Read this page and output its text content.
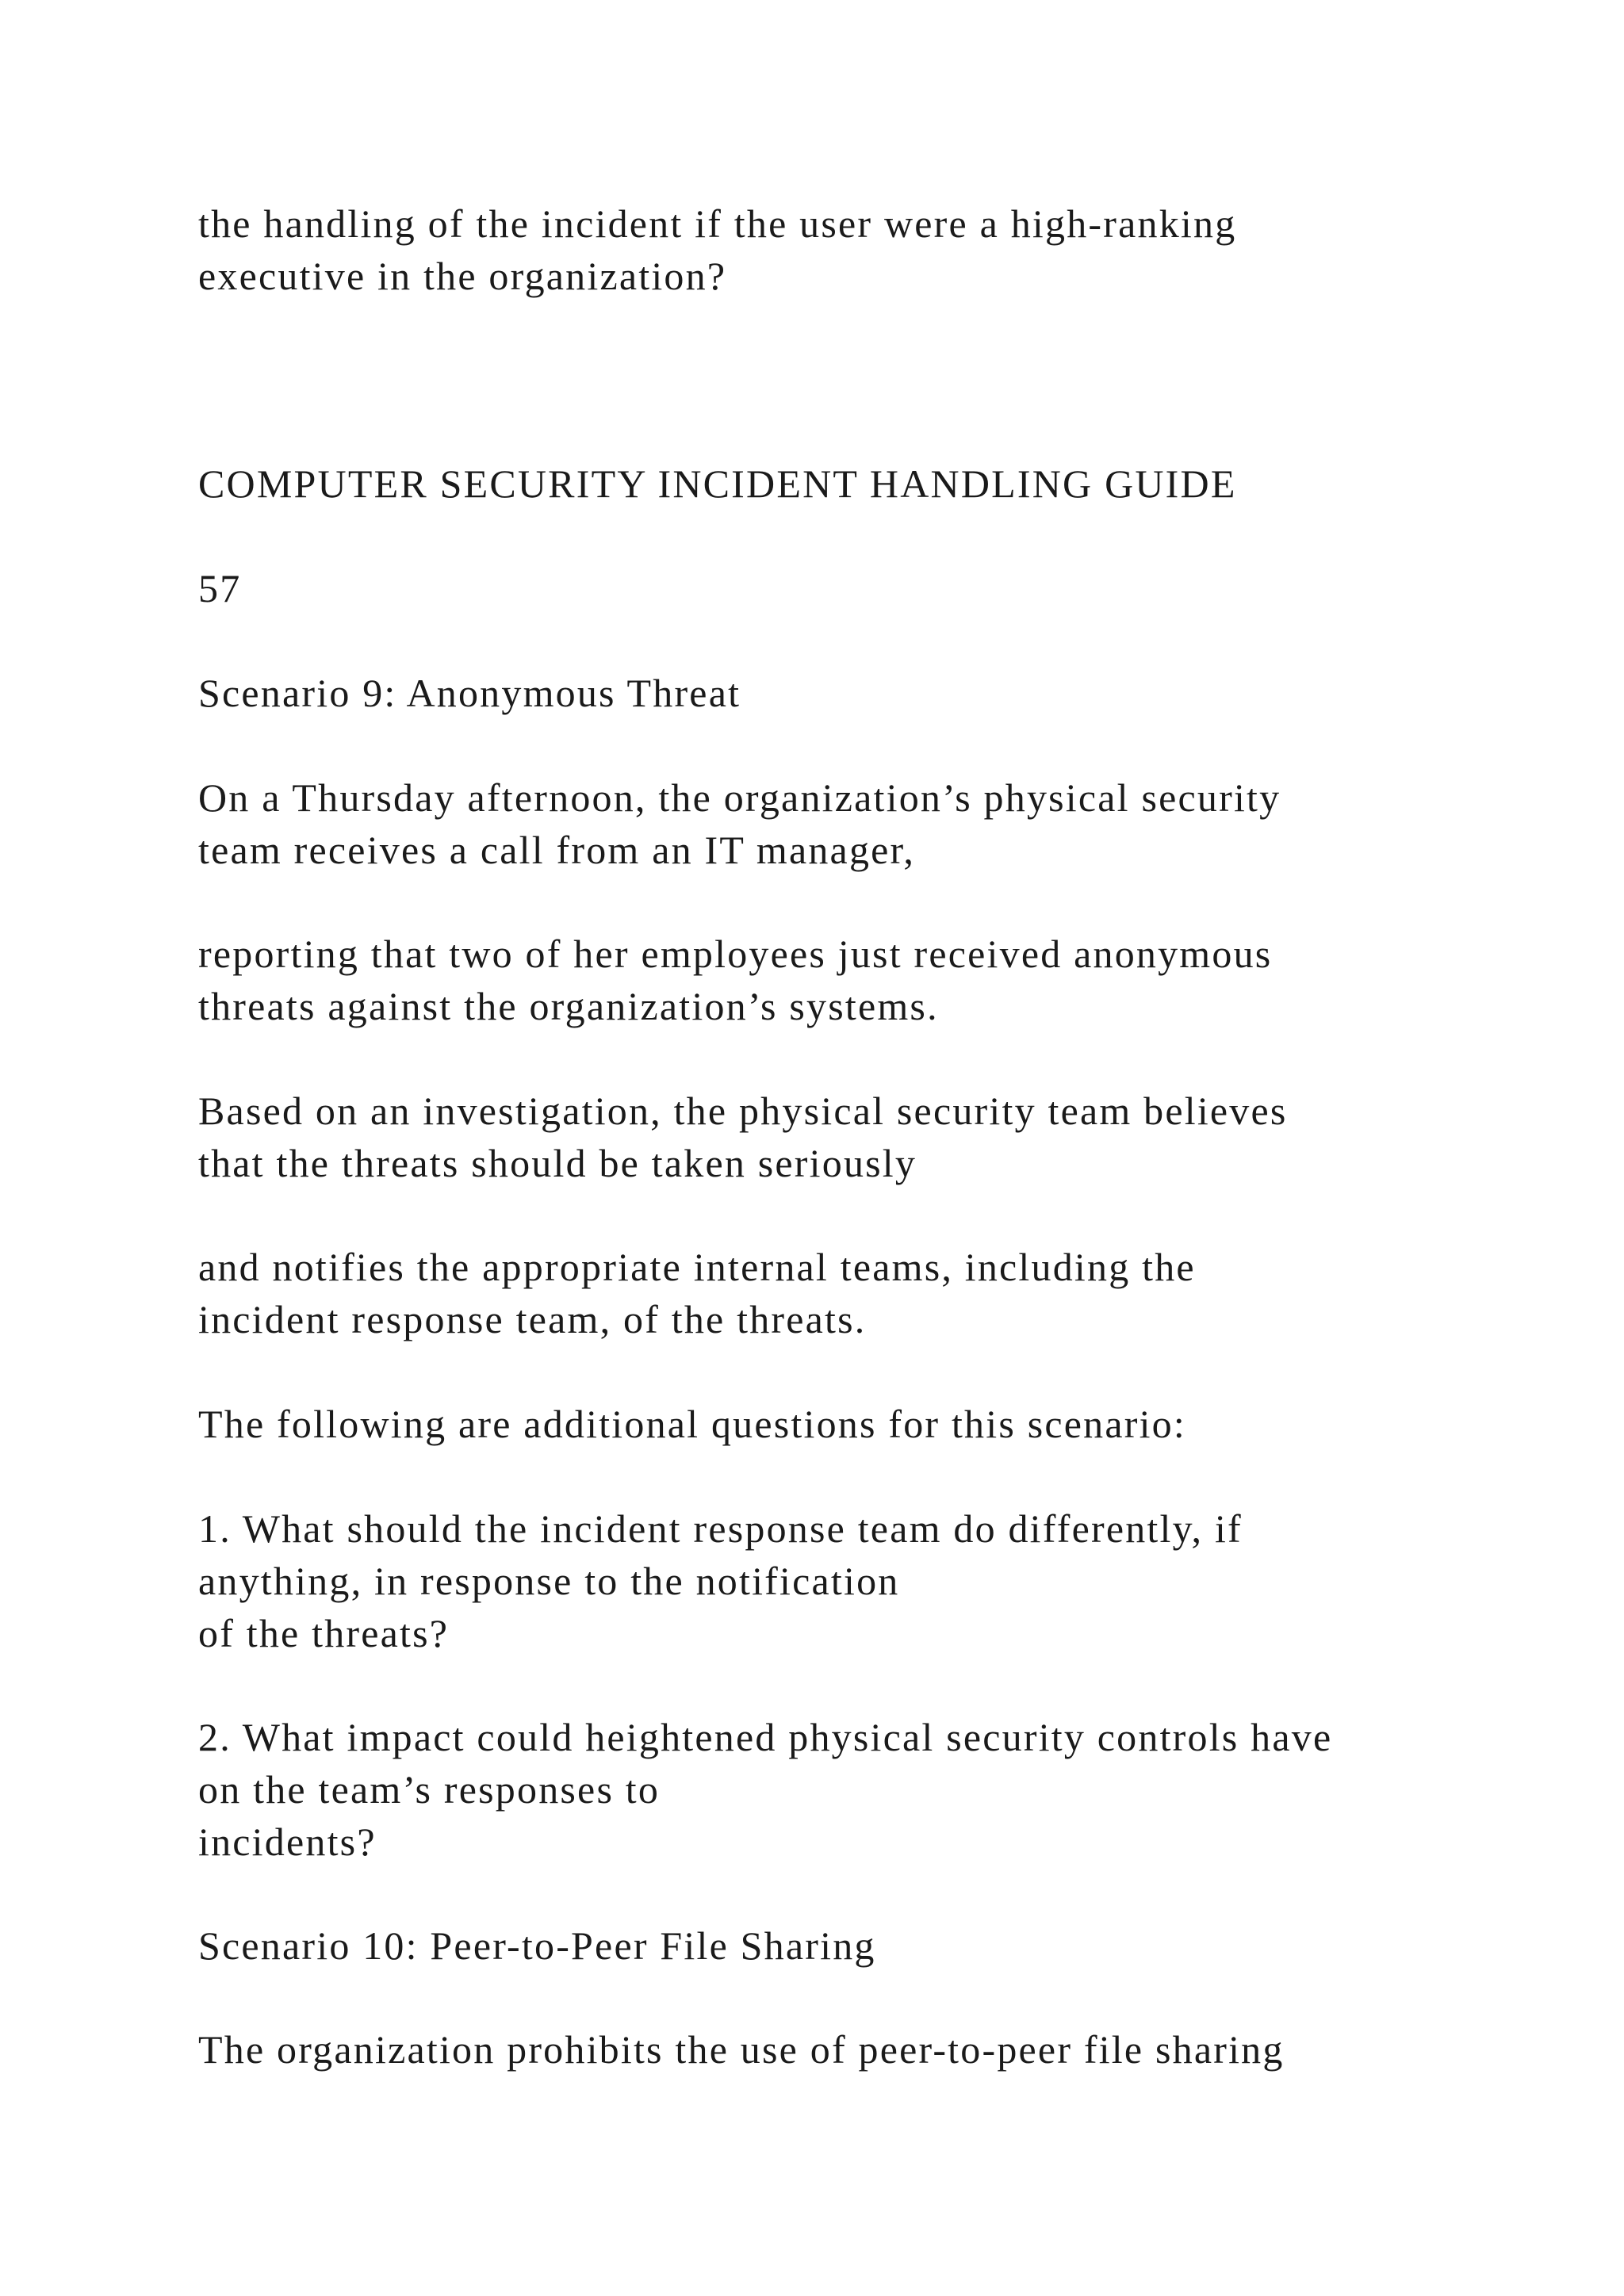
the handling of the incident if the user were a high-ranking
executive in the organization?
COMPUTER SECURITY INCIDENT HANDLING GUIDE
57
Scenario 9: Anonymous Threat
On a Thursday afternoon, the organization’s physical security
team receives a call from an IT manager,
reporting that two of her employees just received anonymous
threats against the organization’s systems.
Based on an investigation, the physical security team believes
that the threats should be taken seriously
and notifies the appropriate internal teams, including the
incident response team, of the threats.
The following are additional questions for this scenario:
1. What should the incident response team do differently, if
anything, in response to the notification
of the threats?
2. What impact could heightened physical security controls have
on the team’s responses to
incidents?
Scenario 10: Peer-to-Peer File Sharing
The organization prohibits the use of peer-to-peer file sharing
